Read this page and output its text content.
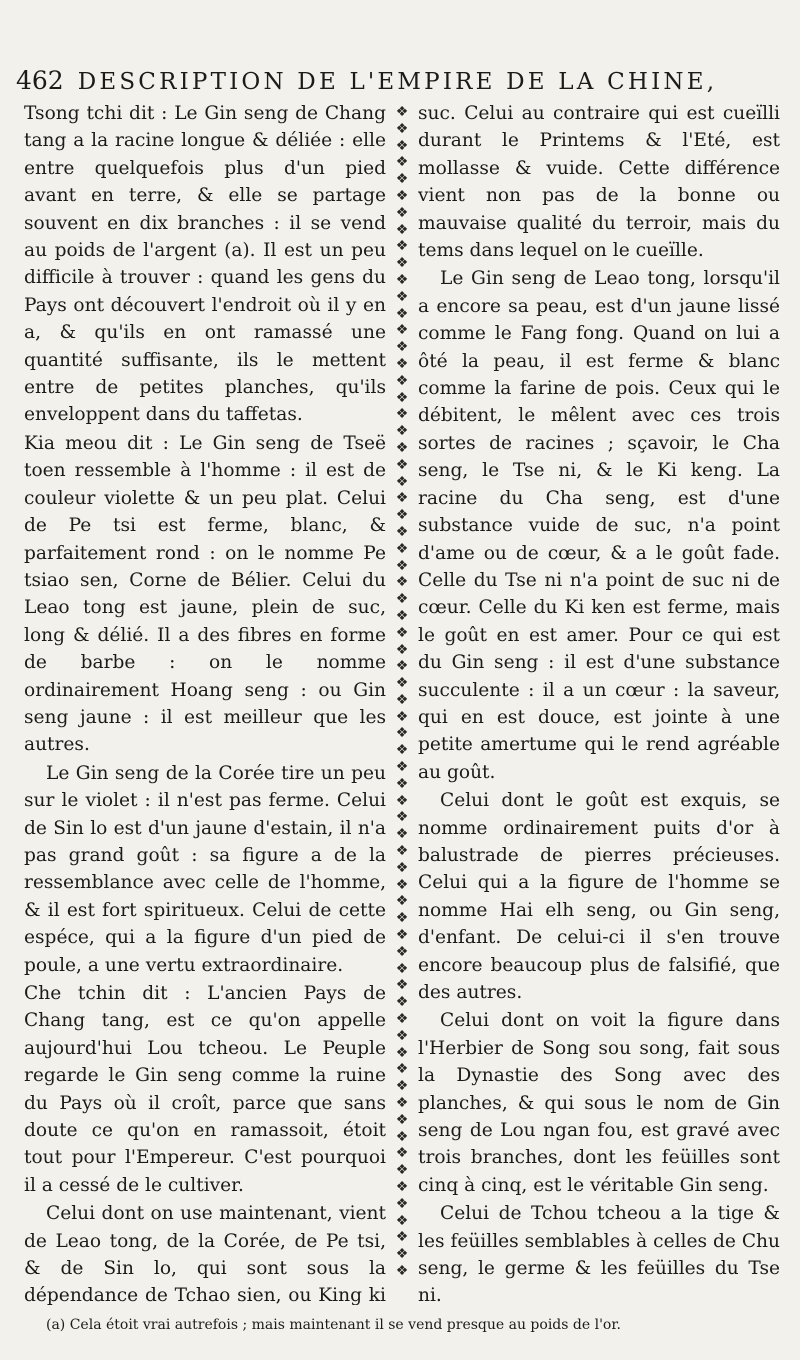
462 DESCRIPTION DE L'EMPIRE DE LA CHINE,

Tsong tchi dit : Le Gin seng de Chang tang a la racine longue & déliée : elle entre quelquefois plus d'un pied avant en terre, & elle se partage souvent en dix branches : il se vend au poids de l'argent (a). Il est un peu difficile à trouver : quand les gens du Pays ont découvert l'endroit où il y en a, & qu'ils en ont ramassé une quantité suffisante, ils le mettent entre de petites planches, qu'ils enveloppent dans du taffetas.

Kia meou dit : Le Gin seng de Tseë toen ressemble à l'homme : il est de couleur violette & un peu plat. Celui de Pe tsi est ferme, blanc, & parfaitement rond : on le nomme Pe tsiao sen, Corne de Bélier. Celui du Leao tong est jaune, plein de suc, long & délié. Il a des fibres en forme de barbe : on le nomme ordinairement Hoang seng : ou Gin seng jaune : il est meilleur que les autres.

Le Gin seng de la Corée tire un peu sur le violet : il n'est pas ferme. Celui de Sin lo est d'un jaune d'estain, il n'a pas grand goût : sa figure a de la ressemblance avec celle de l'homme, & il est fort spiritueux. Celui de cette espéce, qui a la figure d'un pied de poule, a une vertu extraordinaire.

Che tchin dit : L'ancien Pays de Chang tang, est ce qu'on appelle aujourd'hui Lou tcheou. Le Peuple regarde le Gin seng comme la ruine du Pays où il croît, parce que sans doute ce qu'on en ramassoit, étoit tout pour l'Empereur. C'est pourquoi il a cessé de le cultiver.

Celui dont on use maintenant, vient de Leao tong, de la Corée, de Pe tsi, & de Sin lo, qui sont sous la dépendance de Tchao sien, ou King ki

❖
❖
❖
❖
❖
❖
❖
❖
❖
❖
❖
❖
❖
❖
❖
❖
❖
❖
❖
❖
❖
❖
❖
❖
❖
❖
❖
❖
❖
❖
❖
❖
❖
❖
❖
❖
❖
❖
❖
❖
❖
❖
❖
❖
❖
❖
❖
❖
❖
❖
❖
❖
❖
❖
❖
❖
❖
❖
❖
❖
❖
❖
❖
❖
❖
❖
❖
❖
❖
❖

suc. Celui au contraire qui est cueïlli durant le Printems & l'Eté, est mollasse & vuide. Cette différence vient non pas de la bonne ou mauvaise qualité du terroir, mais du tems dans lequel on le cueïlle.

Le Gin seng de Leao tong, lorsqu'il a encore sa peau, est d'un jaune lissé comme le Fang fong. Quand on lui a ôté la peau, il est ferme & blanc comme la farine de pois. Ceux qui le débitent, le mêlent avec ces trois sortes de racines ; sçavoir, le Cha seng, le Tse ni, & le Ki keng. La racine du Cha seng, est d'une substance vuide de suc, n'a point d'ame ou de cœur, & a le goût fade. Celle du Tse ni n'a point de suc ni de cœur. Celle du Ki ken est ferme, mais le goût en est amer. Pour ce qui est du Gin seng : il est d'une substance succulente : il a un cœur : la saveur, qui en est douce, est jointe à une petite amertume qui le rend agréable au goût.

Celui dont le goût est exquis, se nomme ordinairement puits d'or à balustrade de pierres précieuses. Celui qui a la figure de l'homme se nomme Hai elh seng, ou Gin seng, d'enfant. De celui-ci il s'en trouve encore beaucoup plus de falsifié, que des autres.

Celui dont on voit la figure dans l'Herbier de Song sou song, fait sous la Dynastie des Song avec des planches, & qui sous le nom de Gin seng de Lou ngan fou, est gravé avec trois branches, dont les feüilles sont cinq à cinq, est le véritable Gin seng.

Celui de Tchou tcheou a la tige & les feüilles semblables à celles de Chu seng, le germe & les feüilles du Tse ni.

(a) Cela étoit vrai autrefois ; mais maintenant il se vend presque au poids de l'or.
